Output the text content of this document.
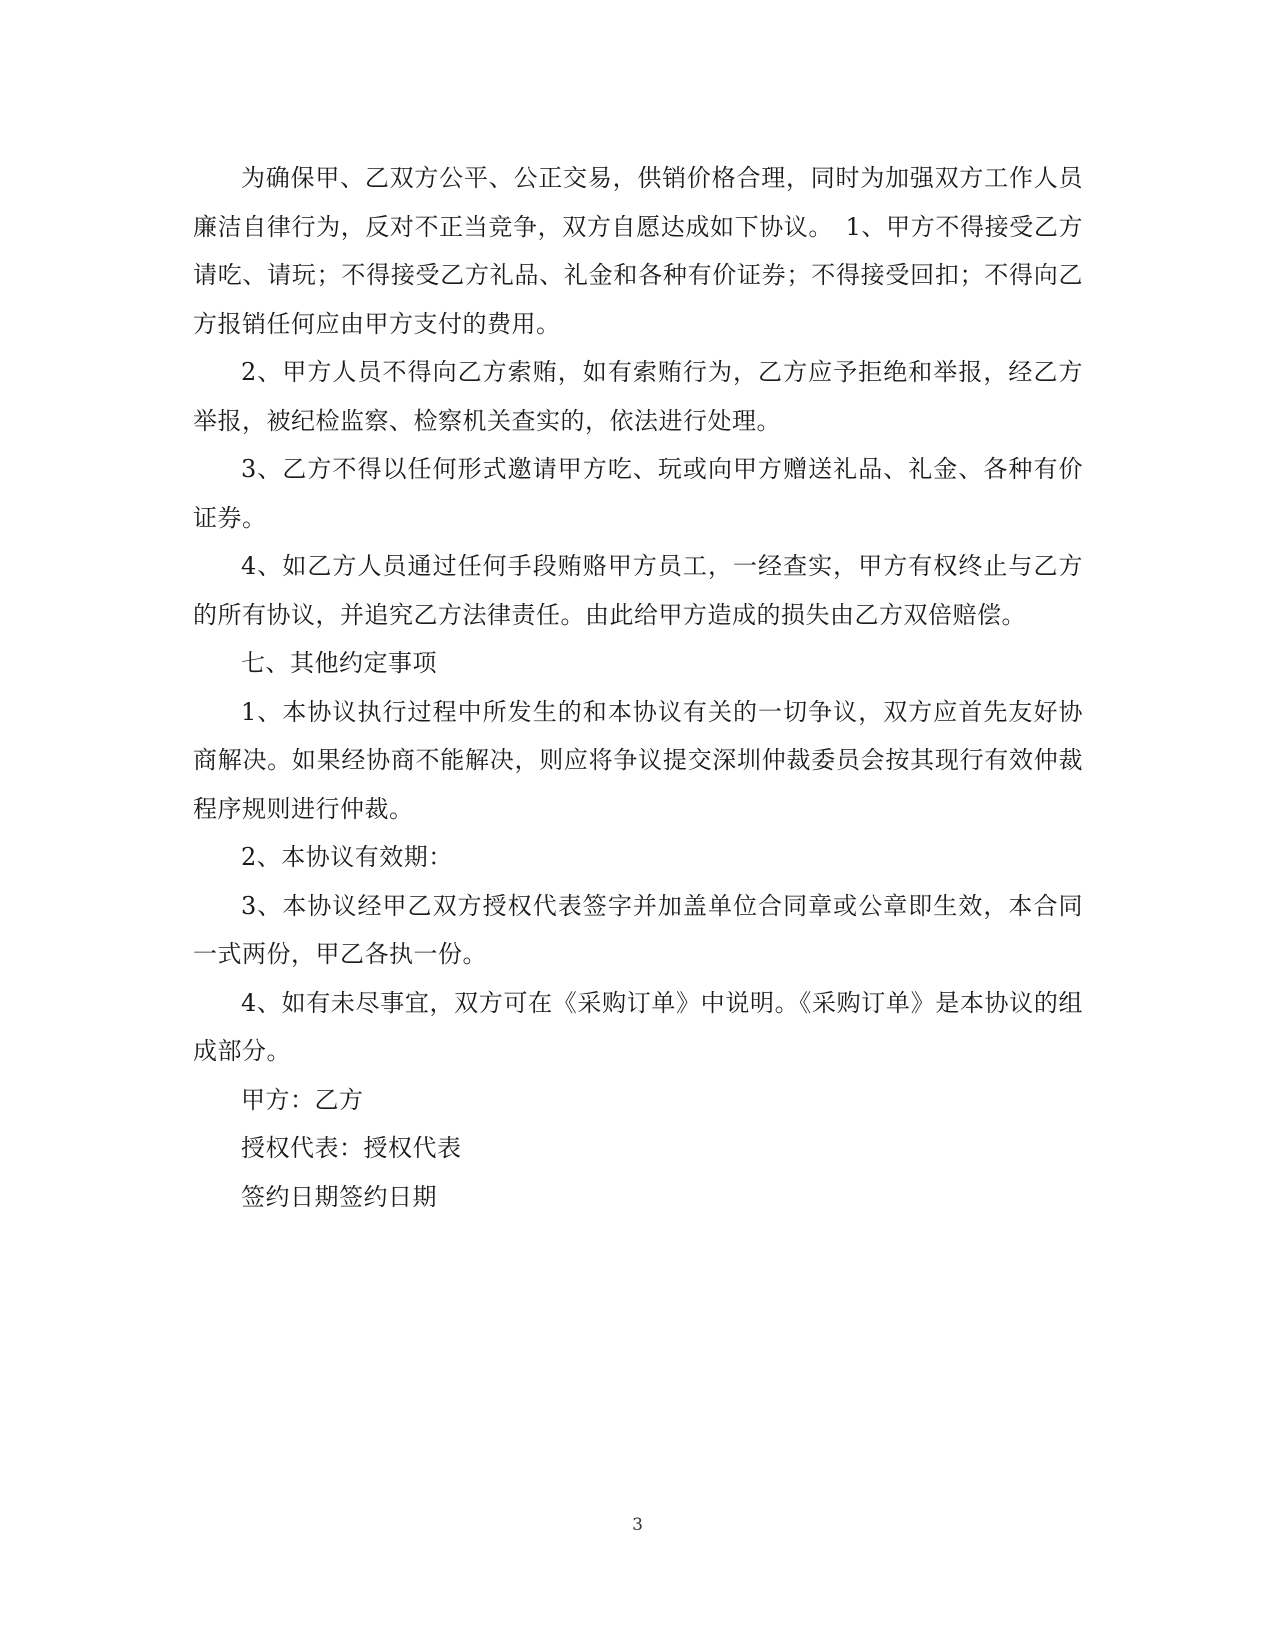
为确保甲、乙双方公平、公正交易，供销价格合理，同时为加强双方工作人员廉洁自律行为，反对不正当竞争，双方自愿达成如下协议。　1、甲方不得接受乙方请吃、请玩；不得接受乙方礼品、礼金和各种有价证券；不得接受回扣；不得向乙方报销任何应由甲方支付的费用。

2、甲方人员不得向乙方索贿，如有索贿行为，乙方应予拒绝和举报，经乙方举报，被纪检监察、检察机关查实的，依法进行处理。

3、乙方不得以任何形式邀请甲方吃、玩或向甲方赠送礼品、礼金、各种有价证券。

4、如乙方人员通过任何手段贿赂甲方员工，一经查实，甲方有权终止与乙方的所有协议，并追究乙方法律责任。由此给甲方造成的损失由乙方双倍赔偿。

七、其他约定事项

1、本协议执行过程中所发生的和本协议有关的一切争议，双方应首先友好协商解决。如果经协商不能解决，则应将争议提交深圳仲裁委员会按其现行有效仲裁程序规则进行仲裁。

2、本协议有效期：

3、本协议经甲乙双方授权代表签字并加盖单位合同章或公章即生效，本合同一式两份，甲乙各执一份。

4、如有未尽事宜，双方可在《采购订单》中说明。《采购订单》是本协议的组成部分。

甲方：乙方

授权代表：授权代表

签约日期签约日期

3
